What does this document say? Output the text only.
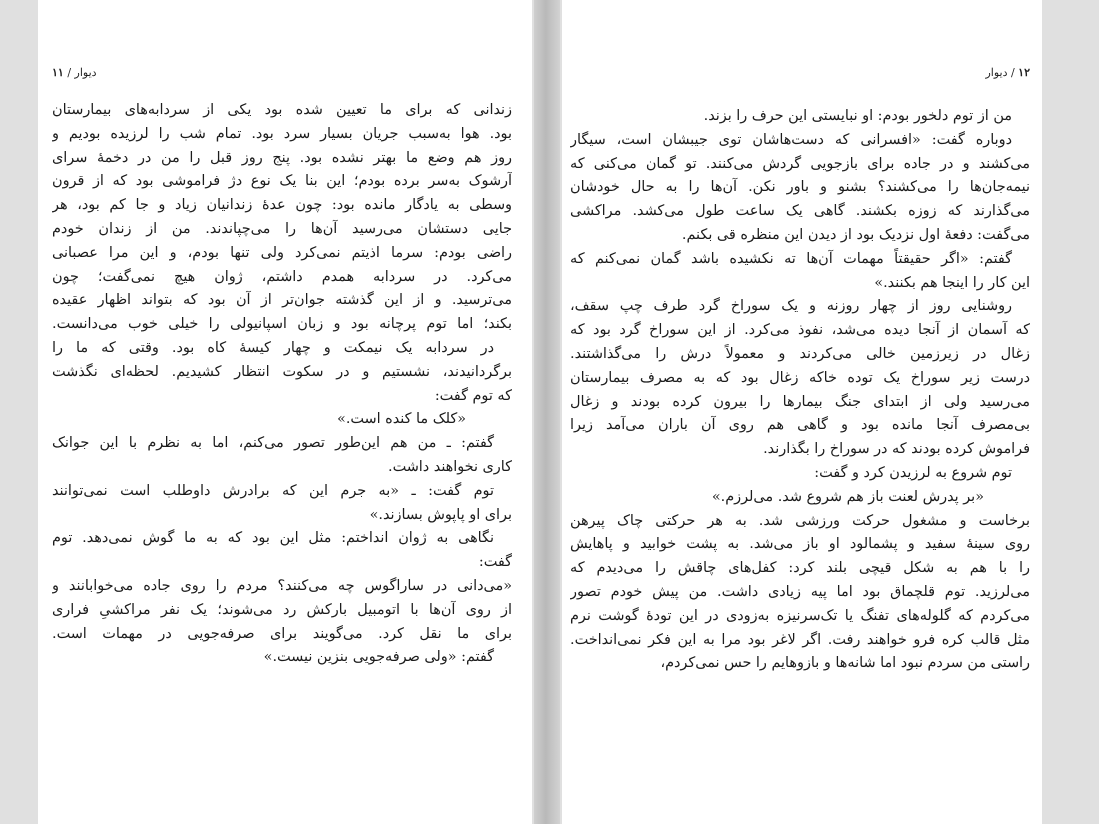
دیوار / ۱۱
زندانی که برای ما تعیین شده بود یکی از سردابه‌های بیمارستان
بود. هوا به‌سبب جریان بسیار سرد بود. تمام شب را لرزیده بودیم و
روز هم وضع ما بهتر نشده بود. پنج روز قبل را من در دخمهٔ سرای
آرشوک به‌سر برده بودم؛ این بنا یک نوع دژ فراموشی بود که از قرون
وسطی به یادگار مانده بود: چون عدهٔ زندانیان زیاد و جا کم بود، هر
جایی دستشان می‌رسید آن‌ها را می‌چپاندند. من از زندان خودم
راضی بودم: سرما اذیتم نمی‌کرد ولی تنها بودم، و این مرا عصبانی
می‌کرد. در سردابه همدم داشتم، ژوان هیچ نمی‌گفت؛ چون
می‌ترسید. و از این گذشته جوان‌تر از آن بود که بتواند اظهار عقیده
بکند؛ اما توم پرچانه بود و زبان اسپانیولی را خیلی خوب می‌دانست.
در سردابه یک نیمکت و چهار کیسهٔ کاه بود. وقتی که ما را
برگردانیدند، نشستیم و در سکوت انتظار کشیدیم. لحظه‌ای نگذشت
که توم گفت:
«کلک ما کنده است.»
گفتم: ـ من هم این‌طور تصور می‌کنم، اما به نظرم با این جوانک
کاری نخواهند داشت.
توم گفت: ـ «به جرم این که برادرش داوطلب است نمی‌توانند
برای او پاپوش بسازند.»
نگاهی به ژوان انداختم: مثل این بود که به ما گوش نمی‌دهد. توم
گفت:
«می‌دانی در ساراگوس چه می‌کنند؟ مردم را روی جاده می‌خوابانند و
از روی آن‌ها با اتومبیل بارکش رد می‌شوند؛ یک نفر مراکشیِ فراری
برای ما نقل کرد. می‌گویند برای صرفه‌جویی در مهمات است.
گفتم: «ولی صرفه‌جویی بنزین نیست.»
۱۲ / دیوار
من از توم دلخور بودم: او نبایستی این حرف را بزند.
دوباره گفت: «افسرانی که دست‌هاشان توی جیبشان است، سیگار
می‌کشند و در جاده برای بازجویی گردش می‌کنند. تو گمان می‌کنی که
نیمه‌جان‌ها را می‌کشند؟ بشنو و باور نکن. آن‌ها را به حال خودشان
می‌گذارند که زوزه بکشند. گاهی یک ساعت طول می‌کشد. مراکشی
می‌گفت: دفعهٔ اول نزدیک بود از دیدن این منظره قی بکنم.
گفتم: «اگر حقیقتاً مهمات آن‌ها ته نکشیده باشد گمان نمی‌کنم که
این کار را اینجا هم بکنند.»
روشنایی روز از چهار روزنه و یک سوراخ گرد طرف چپ سقف،
که آسمان از آنجا دیده می‌شد، نفوذ می‌کرد. از این سوراخ گرد بود که
زغال در زیرزمین خالی می‌کردند و معمولاً درش را می‌گذاشتند.
درست زیر سوراخ یک توده خاکه زغال بود که به مصرف بیمارستان
می‌رسید ولی از ابتدای جنگ بیمارها را بیرون کرده بودند و زغال
بی‌مصرف آنجا مانده بود و گاهی هم روی آن باران می‌آمد زیرا
فراموش کرده بودند که در سوراخ را بگذارند.
توم شروع به لرزیدن کرد و گفت:
«بر پدرش لعنت باز هم شروع شد. می‌لرزم.»
برخاست و مشغول حرکت ورزشی شد. به هر حرکتی چاک پیرهن
روی سینهٔ سفید و پشمالود او باز می‌شد. به پشت خوابید و پاهایش
را با هم به شکل قیچی بلند کرد: کفل‌های چاقش را می‌دیدم که
می‌لرزید. توم قلچماق بود اما پیه زیادی داشت. من پیش خودم تصور
می‌کردم که گلوله‌های تفنگ یا تک‌سرنیزه به‌زودی در این تودهٔ گوشت نرم
مثل قالب کره فرو خواهند رفت. اگر لاغر بود مرا به این فکر نمی‌انداخت.
راستی من سردم نبود اما شانه‌ها و بازوهایم را حس نمی‌کردم،
